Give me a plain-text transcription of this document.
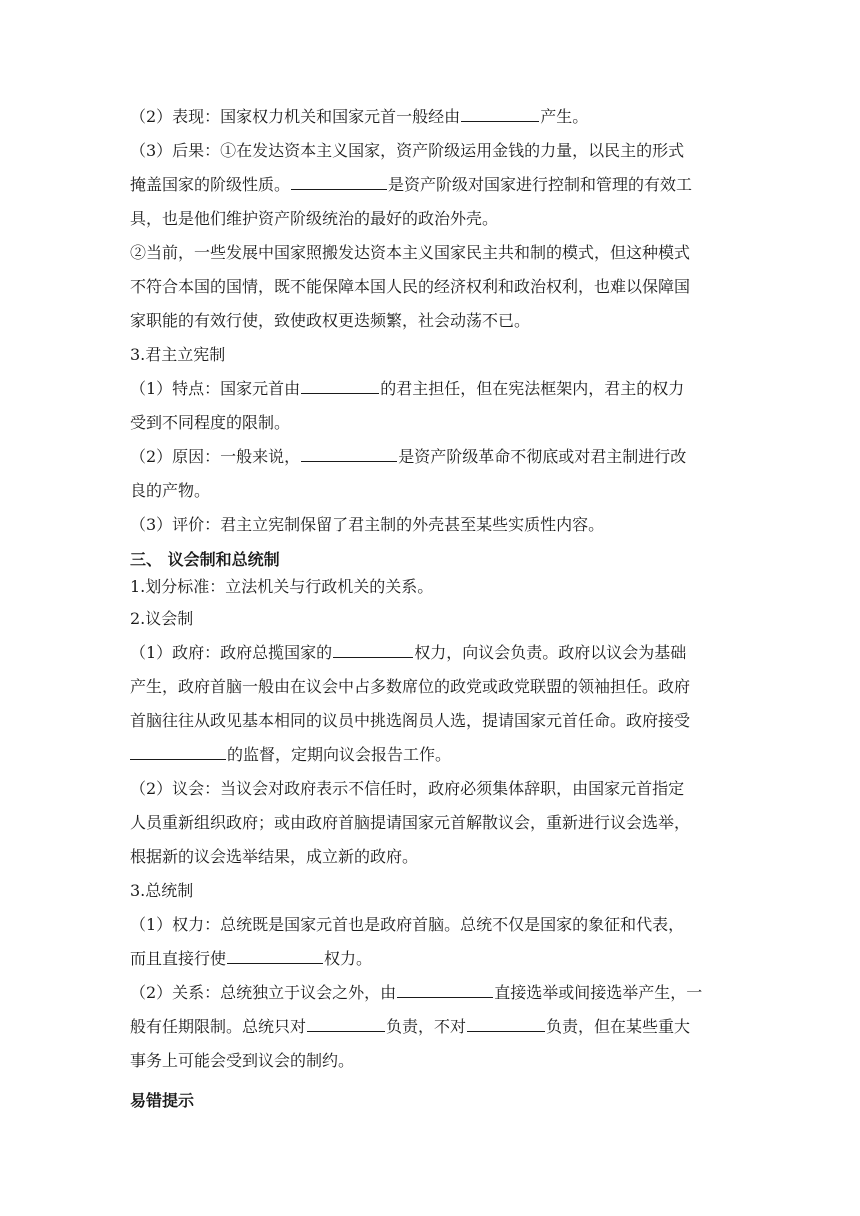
（2）表现：国家权力机关和国家元首一般经由	产生。

（3）后果：①在发达资本主义国家，资产阶级运用金钱的力量，以民主的形式
掩盖国家的阶级性质。	是资产阶级对国家进行控制和管理的有效工
具，也是他们维护资产阶级统治的最好的政治外壳。

②当前，一些发展中国家照搬发达资本主义国家民主共和制的模式，但这种模式
不符合本国的国情，既不能保障本国人民的经济权利和政治权利，也难以保障国
家职能的有效行使，致使政权更迭频繁，社会动荡不已。

3.君主立宪制

（1）特点：国家元首由	的君主担任，但在宪法框架内，君主的权力
受到不同程度的限制。

（2）原因：一般来说，	是资产阶级革命不彻底或对君主制进行改
良的产物。

（3）评价：君主立宪制保留了君主制的外壳甚至某些实质性内容。

三、 议会制和总统制

1.划分标准：立法机关与行政机关的关系。

2.议会制

（1）政府：政府总揽国家的	权力，向议会负责。政府以议会为基础
产生，政府首脑一般由在议会中占多数席位的政党或政党联盟的领袖担任。政府
首脑往往从政见基本相同的议员中挑选阁员人选，提请国家元首任命。政府接受
的监督，定期向议会报告工作。

（2）议会：当议会对政府表示不信任时，政府必须集体辞职，由国家元首指定
人员重新组织政府；或由政府首脑提请国家元首解散议会，重新进行议会选举，
根据新的议会选举结果，成立新的政府。

3.总统制

（1）权力：总统既是国家元首也是政府首脑。总统不仅是国家的象征和代表，
而且直接行使	权力。

（2）关系：总统独立于议会之外，由	直接选举或间接选举产生，一
般有任期限制。总统只对	负责，不对	负责，但在某些重大
事务上可能会受到议会的制约。

易错提示
